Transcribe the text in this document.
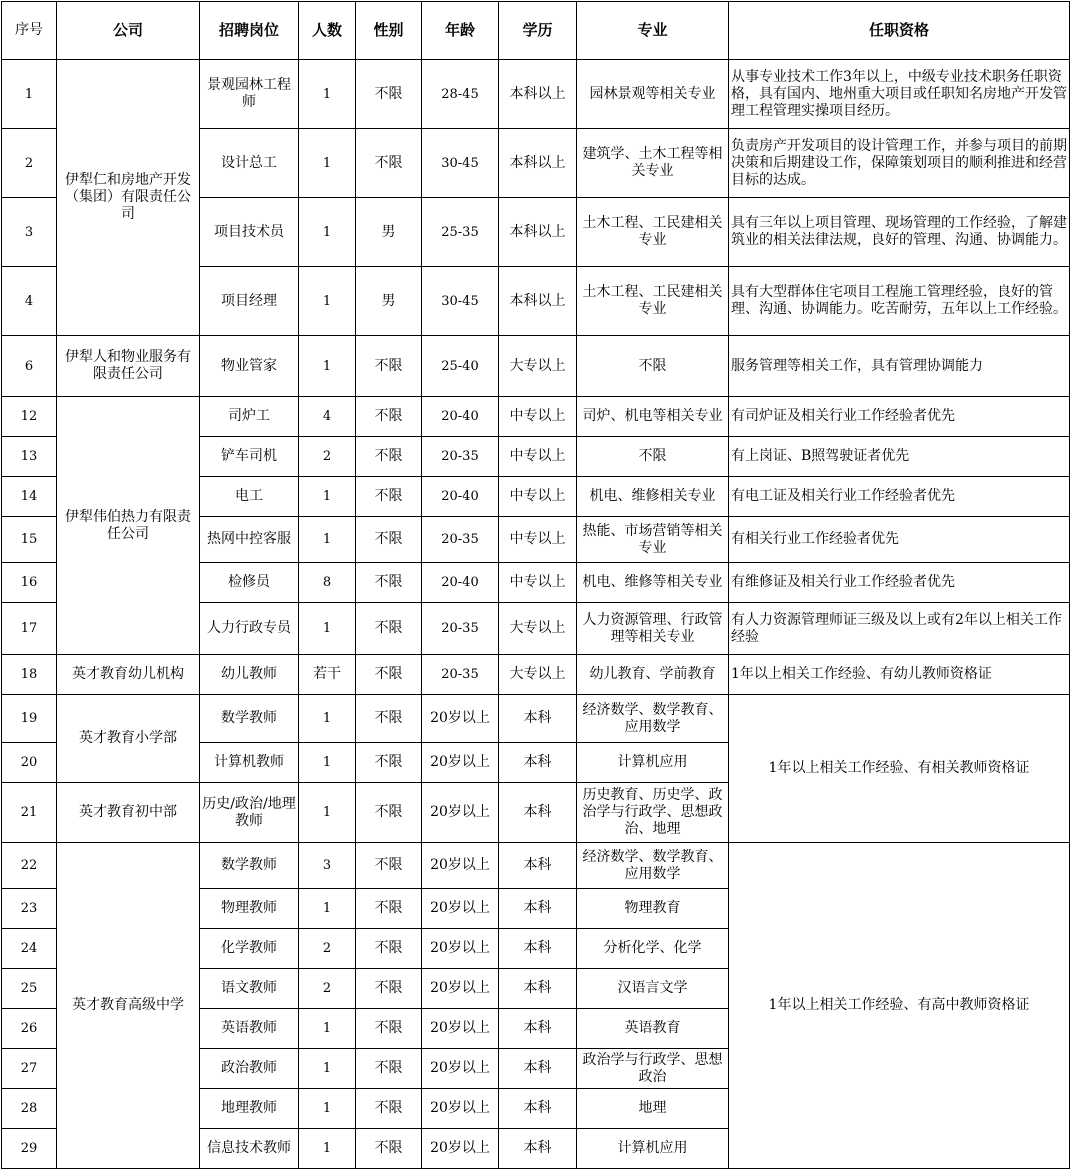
序号	公司	招聘岗位	人数	性别	年龄	学历	专业	任职资格
1	伊犁仁和房地产开发（集团）有限责任公司	景观园林工程师	1	不限	28-45	本科以上	园林景观等相关专业	从事专业技术工作3年以上，中级专业技术职务任职资格，具有国内、地州重大项目或任职知名房地产开发管理工程管理实操项目经历。
2		设计总工	1	不限	30-45	本科以上	建筑学、土木工程等相关专业	负责房产开发项目的设计管理工作，并参与项目的前期决策和后期建设工作，保障策划项目的顺利推进和经营目标的达成。
3		项目技术员	1	男	25-35	本科以上	土木工程、工民建相关专业	具有三年以上项目管理、现场管理的工作经验，了解建筑业的相关法律法规，良好的管理、沟通、协调能力。
4		项目经理	1	男	30-45	本科以上	土木工程、工民建相关专业	具有大型群体住宅项目工程施工管理经验，良好的管理、沟通、协调能力。吃苦耐劳，五年以上工作经验。
6	伊犁人和物业服务有限责任公司	物业管家	1	不限	25-40	大专以上	不限	服务管理等相关工作，具有管理协调能力
12	伊犁伟伯热力有限责任公司	司炉工	4	不限	20-40	中专以上	司炉、机电等相关专业	有司炉证及相关行业工作经验者优先
13		铲车司机	2	不限	20-35	中专以上	不限	有上岗证、B照驾驶证者优先
14		电工	1	不限	20-40	中专以上	机电、维修相关专业	有电工证及相关行业工作经验者优先
15		热网中控客服	1	不限	20-35	中专以上	热能、市场营销等相关专业	有相关行业工作经验者优先
16		检修员	8	不限	20-40	中专以上	机电、维修等相关专业	有维修证及相关行业工作经验者优先
17		人力行政专员	1	不限	20-35	大专以上	人力资源管理、行政管理等相关专业	有人力资源管理师证三级及以上或有2年以上相关工作经验
18	英才教育幼儿机构	幼儿教师	若干	不限	20-35	大专以上	幼儿教育、学前教育	1年以上相关工作经验、有幼儿教师资格证
19	英才教育小学部	数学教师	1	不限	20岁以上	本科	经济数学、数学教育、应用数学	1年以上相关工作经验、有相关教师资格证
20		计算机教师	1	不限	20岁以上	本科	计算机应用	
21	英才教育初中部	历史/政治/地理教师	1	不限	20岁以上	本科	历史教育、历史学、政治学与行政学、思想政治、地理	
22	英才教育高级中学	数学教师	3	不限	20岁以上	本科	经济数学、数学教育、应用数学	1年以上相关工作经验、有高中教师资格证
23		物理教师	1	不限	20岁以上	本科	物理教育	
24		化学教师	2	不限	20岁以上	本科	分析化学、化学	
25		语文教师	2	不限	20岁以上	本科	汉语言文学	
26		英语教师	1	不限	20岁以上	本科	英语教育	
27		政治教师	1	不限	20岁以上	本科	政治学与行政学、思想政治	
28		地理教师	1	不限	20岁以上	本科	地理	
29		信息技术教师	1	不限	20岁以上	本科	计算机应用	
